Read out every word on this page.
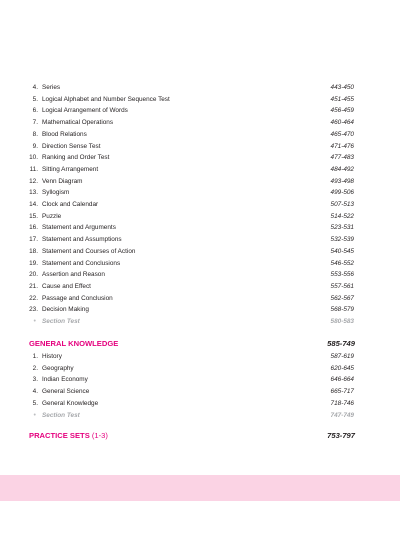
4. Series	443-450
5. Logical Alphabet and Number Sequence Test	451-455
6. Logical Arrangement of Words	456-459
7. Mathematical Operations	460-464
8. Blood Relations	465-470
9. Direction Sense Test	471-476
10. Ranking and Order Test	477-483
11. Sitting Arrangement	484-492
12. Venn Diagram	493-498
13. Syllogism	499-506
14. Clock and Calendar	507-513
15. Puzzle	514-522
16. Statement and Arguments	523-531
17. Statement and Assumptions	532-539
18. Statement and Courses of Action	540-545
19. Statement and Conclusions	546-552
20. Assertion and Reason	553-556
21. Cause and Effect	557-561
22. Passage and Conclusion	562-567
23. Decision Making	568-579
• Section Test	580-583
GENERAL KNOWLEDGE	585-749
1. History	587-619
2. Geography	620-645
3. Indian Economy	646-664
4. General Science	665-717
5. General Knowledge	718-746
• Section Test	747-749
PRACTICE SETS (1-3)	753-797
